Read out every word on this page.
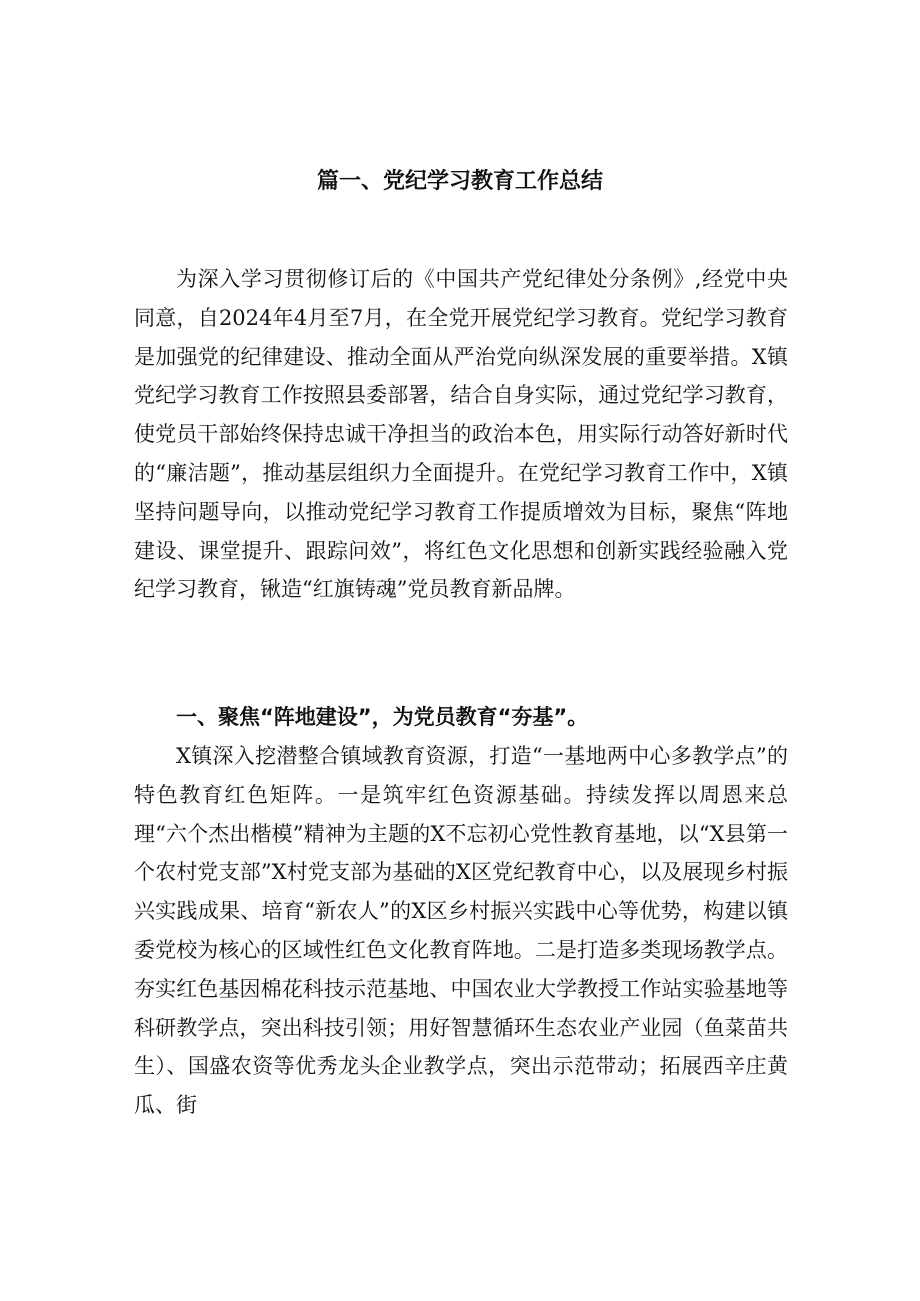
篇一、党纪学习教育工作总结

为深入学习贯彻修订后的《中国共产党纪律处分条例》,经党中央同意，自2024年4月至7月，在全党开展党纪学习教育。党纪学习教育是加强党的纪律建设、推动全面从严治党向纵深发展的重要举措。X镇党纪学习教育工作按照县委部署，结合自身实际，通过党纪学习教育，使党员干部始终保持忠诚干净担当的政治本色，用实际行动答好新时代的“廉洁题”，推动基层组织力全面提升。在党纪学习教育工作中，X镇坚持问题导向，以推动党纪学习教育工作提质增效为目标，聚焦“阵地建设、课堂提升、跟踪问效”，将红色文化思想和创新实践经验融入党纪学习教育，锹造“红旗铸魂”党员教育新品牌。

一、聚焦“阵地建设”，为党员教育“夯基”。

X镇深入挖潜整合镇域教育资源，打造“一基地两中心多教学点”的特色教育红色矩阵。一是筑牢红色资源基础。持续发挥以周恩来总理“六个杰出楷模”精神为主题的X不忘初心党性教育基地，以“X县第一个农村党支部”X村党支部为基础的X区党纪教育中心，以及展现乡村振兴实践成果、培育“新农人”的X区乡村振兴实践中心等优势，构建以镇委党校为核心的区域性红色文化教育阵地。二是打造多类现场教学点。夯实红色基因棉花科技示范基地、中国农业大学教授工作站实验基地等科研教学点，突出科技引领；用好智慧循环生态农业产业园（鱼菜苗共生）、国盛农资等优秀龙头企业教学点，突出示范带动；拓展西辛庄黄瓜、街
